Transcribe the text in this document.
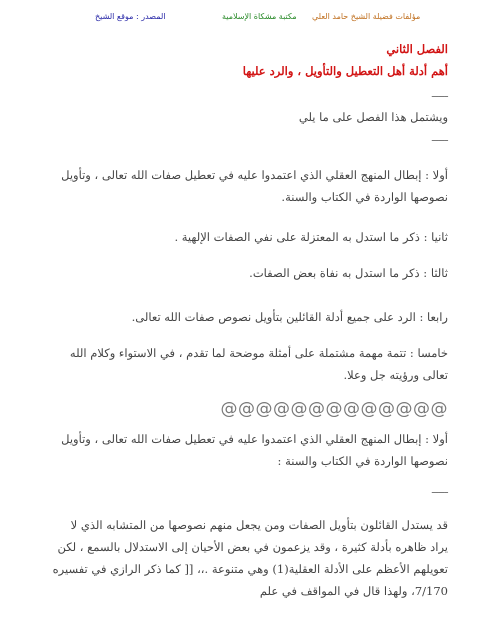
المصدر : موقع الشيخ	مكتبة مشكاة الإسلامية مؤلفات فضيلة الشيخ حامد العلي
الفصل الثاني
أهم أدلة أهل التعطيل والتأويل ، والرد عليها
ـــــ
ويشتمل هذا الفصل على ما يلي
ـــــ
أولا : إبطال المنهج العقلي الذي اعتمدوا عليه في تعطيل صفات الله تعالى ، وتأويل نصوصها الواردة في الكتاب والسنة.
ثانيا : ذكر ما استدل به المعتزلة على نفي الصفات الإلهية .
ثالثا : ذكر ما استدل به نفاة بعض الصفات.
رابعا : الرد على جميع أدلة القائلين بتأويل نصوص صفات الله تعالى.
خامسا : تتمة مهمة مشتملة على أمثلة موضحة لما تقدم ، في الاستواء وكلام الله تعالى ورؤيته جل وعلا.
@@@@@@@@@@@@@
أولا : إبطال المنهج العقلي الذي اعتمدوا عليه في تعطيل صفات الله تعالى ، وتأويل نصوصها الواردة في الكتاب والسنة :
ـــــ
قد يستدل القائلون بتأويل الصفات ومن يجعل منهم نصوصها من المتشابه الذي لا يراد ظاهره بأدلة كثيرة ، وقد يزعمون في بعض الأحيان إلى الاستدلال بالسمع ، لكن تعويلهم الأعظم على الأدلة العقلية(1) وهي متنوعة .،، [[ كما ذكر الرازي في تفسيره 7/170، ولهذا قال في المواقف في علم
